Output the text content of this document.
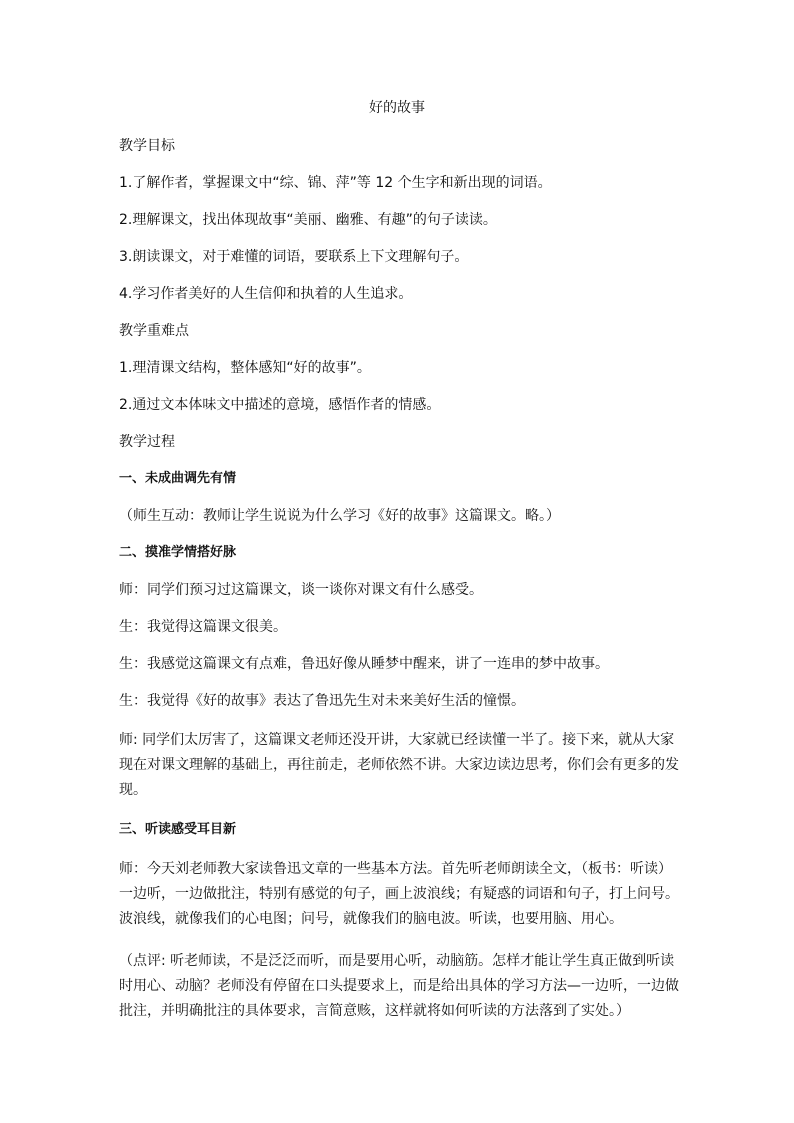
好的故事

教学目标

1.了解作者，掌握课文中“综、锦、萍”等 12 个生字和新出现的词语。

2.理解课文，找出体现故事“美丽、幽雅、有趣”的句子读读。

3.朗读课文，对于难懂的词语，要联系上下文理解句子。

4.学习作者美好的人生信仰和执着的人生追求。

教学重难点

1.理清课文结构，整体感知“好的故事”。

2.通过文本体味文中描述的意境，感悟作者的情感。

教学过程

一、未成曲调先有情

（师生互动：教师让学生说说为什么学习《好的故事》这篇课文。略。）

二、摸准学情搭好脉

师：同学们预习过这篇课文，谈一谈你对课文有什么感受。

生：我觉得这篇课文很美。

生：我感觉这篇课文有点难，鲁迅好像从睡梦中醒来，讲了一连串的梦中故事。

生：我觉得《好的故事》表达了鲁迅先生对未来美好生活的憧憬。

师: 同学们太厉害了，这篇课文老师还没开讲，大家就已经读懂一半了。接下来，就从大家现在对课文理解的基础上，再往前走，老师依然不讲。大家边读边思考，你们会有更多的发现。

三、听读感受耳目新

师：今天刘老师教大家读鲁迅文章的一些基本方法。首先听老师朗读全文，（板书：听读）一边听，一边做批注，特别有感觉的句子，画上波浪线；有疑惑的词语和句子，打上问号。波浪线，就像我们的心电图；问号，就像我们的脑电波。听读，也要用脑、用心。

（点评: 听老师读，不是泛泛而听，而是要用心听，动脑筋。怎样才能让学生真正做到听读时用心、动脑？老师没有停留在口头提要求上，而是给出具体的学习方法—一边听，一边做批注，并明确批注的具体要求，言简意赅，这样就将如何听读的方法落到了实处。）
